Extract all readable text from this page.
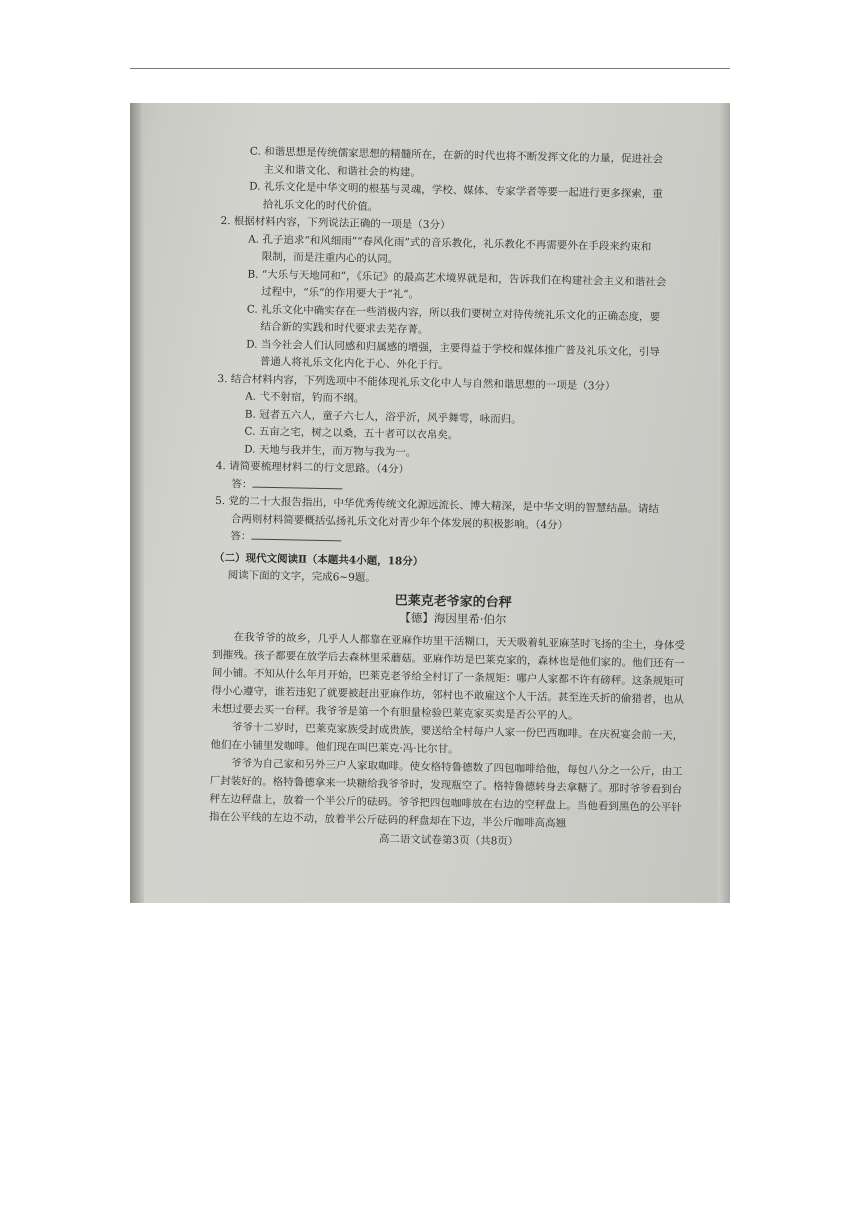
C. 和谐思想是传统儒家思想的精髓所在，在新的时代也将不断发挥文化的力量，促进社会
主义和谐文化、和谐社会的构建。
D. 礼乐文化是中华文明的根基与灵魂，学校、媒体、专家学者等要一起进行更多探索，重
拾礼乐文化的时代价值。
2. 根据材料内容，下列说法正确的一项是（3分）
A. 孔子追求“和风细雨”“春风化雨”式的音乐教化，礼乐教化不再需要外在手段来约束和
限制，而是注重内心的认同。
B. “大乐与天地同和”，《乐记》的最高艺术境界就是和，告诉我们在构建社会主义和谐社会
过程中，“乐”的作用要大于“礼”。
C. 礼乐文化中确实存在一些消极内容，所以我们要树立对待传统礼乐文化的正确态度，要
结合新的实践和时代要求去芜存菁。
D. 当今社会人们认同感和归属感的增强，主要得益于学校和媒体推广普及礼乐文化，引导
普通人将礼乐文化内化于心、外化于行。
3. 结合材料内容，下列选项中不能体现礼乐文化中人与自然和谐思想的一项是（3分）
A. 弋不射宿，钓而不纲。
B. 冠者五六人，童子六七人，浴乎沂，风乎舞雩，咏而归。
C. 五亩之宅，树之以桑，五十者可以衣帛矣。
D. 天地与我并生，而万物与我为一。
4. 请简要梳理材料二的行文思路。（4分）
答：
5. 党的二十大报告指出，中华优秀传统文化源远流长、博大精深，是中华文明的智慧结晶。请结
合两则材料简要概括弘扬礼乐文化对青少年个体发展的积极影响。（4分）
答：
（二）现代文阅读Ⅱ（本题共4小题，18分）
阅读下面的文字，完成6~9题。
巴莱克老爷家的台秤
【德】海因里希·伯尔
在我爷爷的故乡，几乎人人都靠在亚麻作坊里干活糊口，天天吸着轧亚麻茎时飞扬的尘土，身体受到摧残。孩子都要在放学后去森林里采蘑菇。亚麻作坊是巴莱克家的，森林也是他们家的。他们还有一间小铺。不知从什么年月开始，巴莱克老爷给全村订了一条规矩：哪户人家都不许有磅秤。这条规矩可得小心遵守，谁若违犯了就要被赶出亚麻作坊，邻村也不敢雇这个人干活。甚至连夭折的偷猎者，也从未想过要去买一台秤。我爷爷是第一个有胆量检验巴莱克家买卖是否公平的人。
爷爷十二岁时，巴莱克家族受封成贵族，要送给全村每户人家一份巴西咖啡。在庆祝宴会前一天，他们在小铺里发咖啡。他们现在叫巴莱克·冯·比尔甘。
爷爷为自己家和另外三户人家取咖啡。使女格特鲁德数了四包咖啡给他，每包八分之一公斤，由工厂封装好的。格特鲁德拿来一块糖给我爷爷时，发现瓶空了。格特鲁德转身去拿糖了。那时爷爷看到台秤左边秤盘上，放着一个半公斤的砝码。爷爷把四包咖啡放在右边的空秤盘上。当他看到黑色的公平针指在公平线的左边不动，放着半公斤砝码的秤盘却在下边，半公斤咖啡高高翘
高二语文试卷第3页（共8页）
